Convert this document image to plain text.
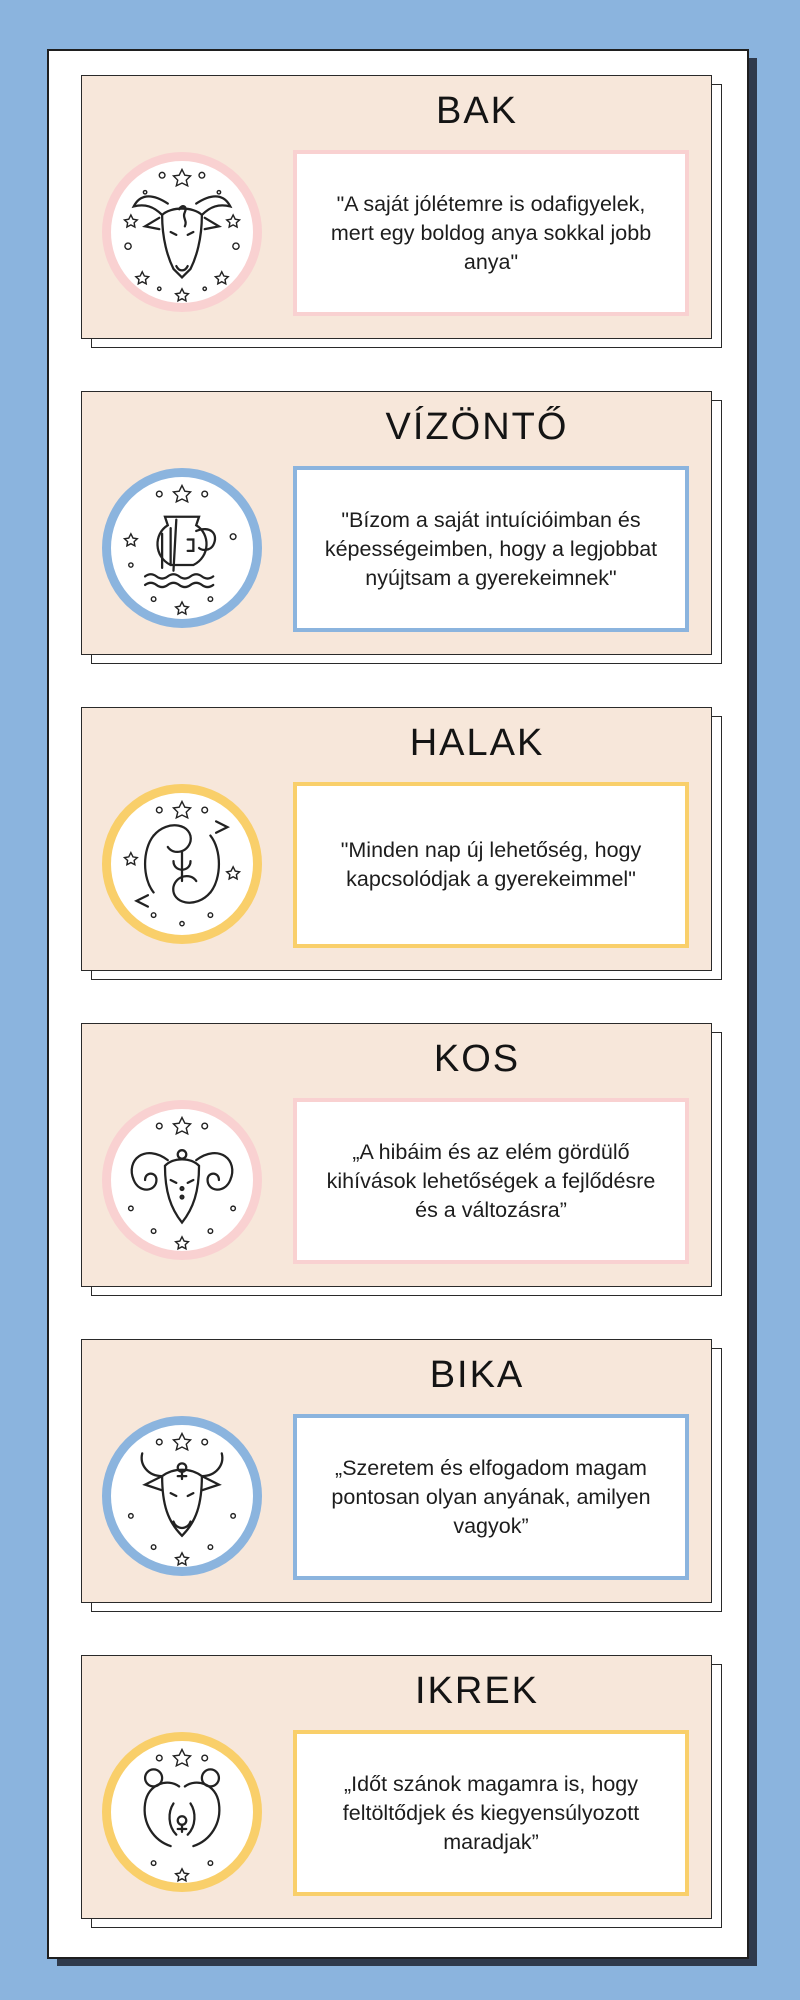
BAK
"A saját jólétemre is odafigyelek, mert egy boldog anya sokkal jobb anya"
VÍZÖNTŐ
"Bízom a saját intuícióimban és képességeimben, hogy a legjobbat nyújtsam a gyerekeimnek"
HALAK
"Minden nap új lehetőség, hogy kapcsolódjak a gyerekeimmel"
KOS
„A hibáim és az elém gördülő kihívások lehetőségek a fejlődésre és a változásra”
BIKA
„Szeretem és elfogadom magam pontosan olyan anyának, amilyen vagyok”
IKREK
„Időt szánok magamra is, hogy feltöltődjek és kiegyensúlyozott maradjak”
